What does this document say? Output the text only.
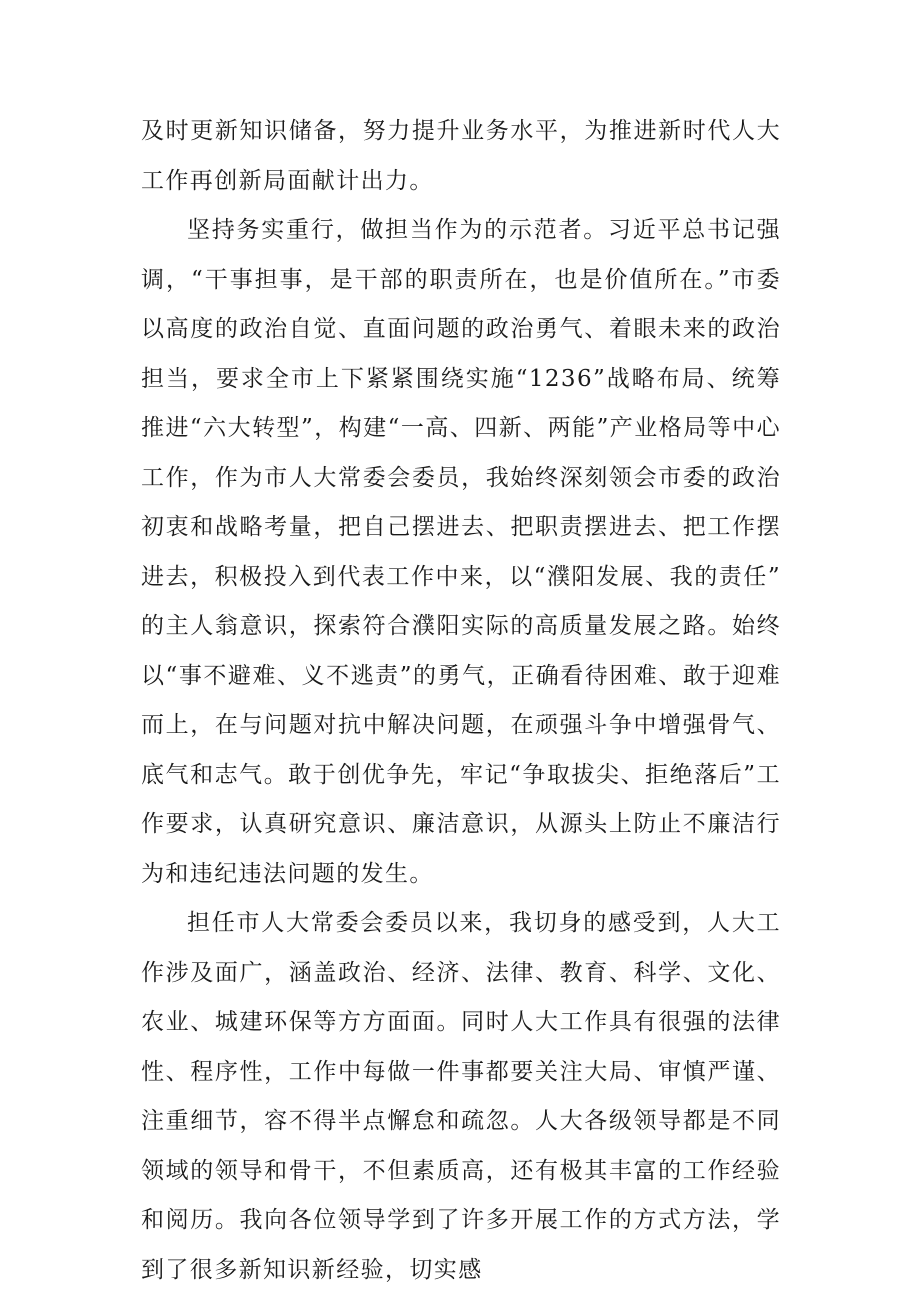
及时更新知识储备，努力提升业务水平，为推进新时代人大工作再创新局面献计出力。

坚持务实重行，做担当作为的示范者。习近平总书记强调，“干事担事，是干部的职责所在，也是价值所在。”市委以高度的政治自觉、直面问题的政治勇气、着眼未来的政治担当，要求全市上下紧紧围绕实施“1236”战略布局、统筹推进“六大转型”，构建“一高、四新、两能”产业格局等中心工作，作为市人大常委会委员，我始终深刻领会市委的政治初衷和战略考量，把自己摆进去、把职责摆进去、把工作摆进去，积极投入到代表工作中来，以“濮阳发展、我的责任”的主人翁意识，探索符合濮阳实际的高质量发展之路。始终以“事不避难、义不逃责”的勇气，正确看待困难、敢于迎难而上，在与问题对抗中解决问题，在顽强斗争中增强骨气、底气和志气。敢于创优争先，牢记“争取拔尖、拒绝落后”工作要求，认真研究意识、廉洁意识，从源头上防止不廉洁行为和违纪违法问题的发生。

担任市人大常委会委员以来，我切身的感受到，人大工作涉及面广，涵盖政治、经济、法律、教育、科学、文化、农业、城建环保等方方面面。同时人大工作具有很强的法律性、程序性，工作中每做一件事都要关注大局、审慎严谨、注重细节，容不得半点懈怠和疏忽。人大各级领导都是不同领域的领导和骨干，不但素质高，还有极其丰富的工作经验和阅历。我向各位领导学到了许多开展工作的方式方法，学到了很多新知识新经验，切实感
